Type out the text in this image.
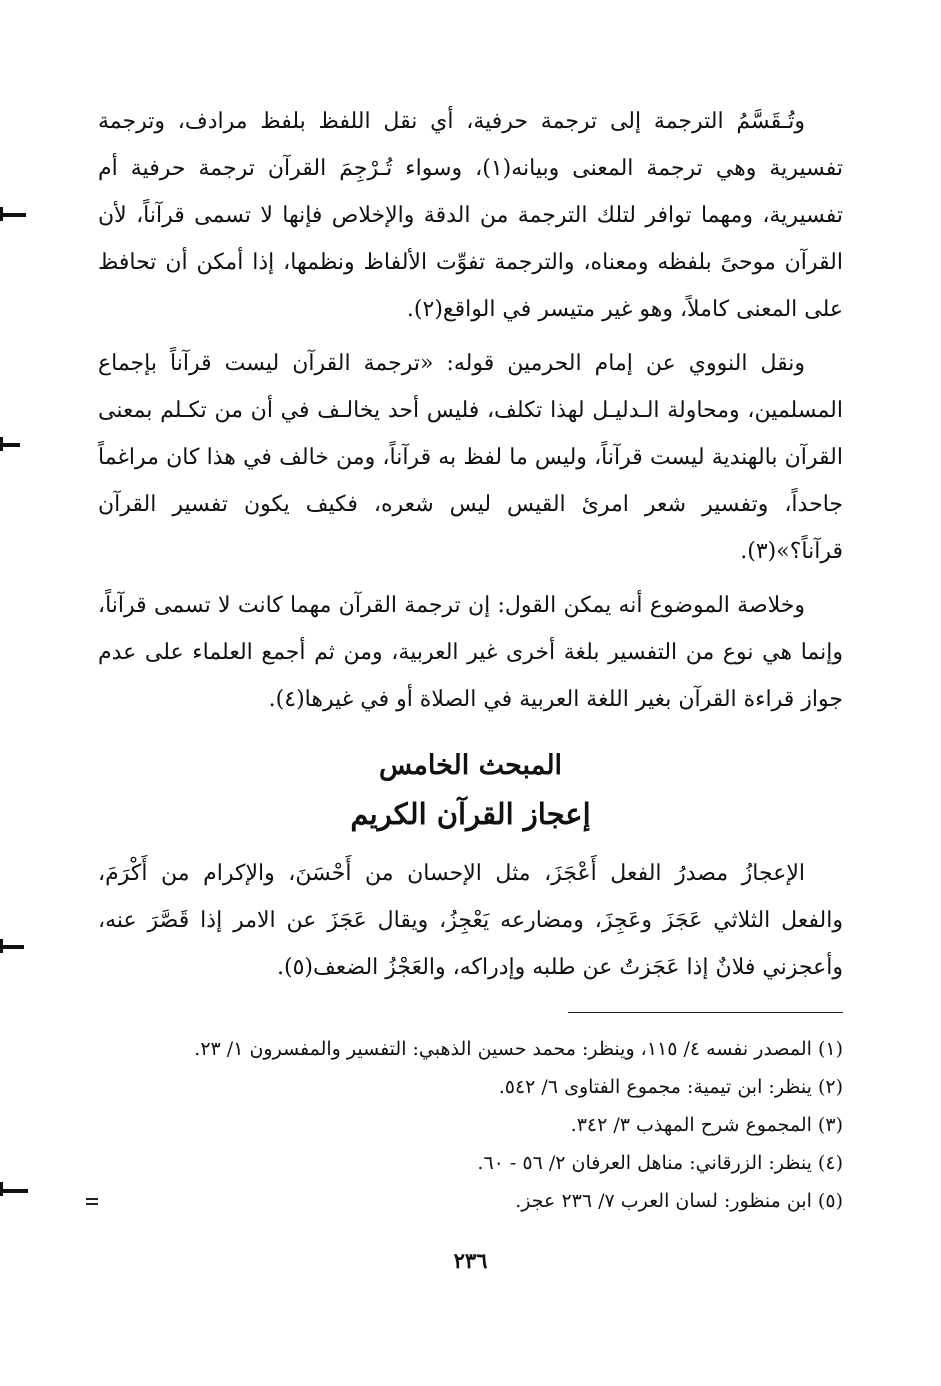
وتُـقَسَّمُ الترجمة إلى ترجمة حرفية، أي نقل اللفظ بلفظ مرادف، وترجمة تفسيرية وهي ترجمة المعنى وبيانه(١)، وسواء تُـرْجِمَ القرآن ترجمة حرفية أم تفسيرية، ومهما توافر لتلك الترجمة من الدقة والإخلاص فإنها لا تسمى قرآناً، لأن القرآن موحىً بلفظه ومعناه، والترجمة تفوِّت الألفاظ ونظمها، إذا أمكن أن تحافظ على المعنى كاملاً، وهو غير متيسر في الواقع(٢).

ونقل النووي عن إمام الحرمين قوله: «ترجمة القرآن ليست قرآناً بإجماع المسلمين، ومحاولة الـدليـل لهذا تكلف، فليس أحد يخالـف في أن من تكـلم بمعنى القرآن بالهندية ليست قرآناً، وليس ما لفظ به قرآناً، ومن خالف في هذا كان مراغماً جاحداً، وتفسير شعر امرئ القيس ليس شعره، فكيف يكون تفسير القرآن قرآناً؟»(٣).

وخلاصة الموضوع أنه يمكن القول: إن ترجمة القرآن مهما كانت لا تسمى قرآناً، وإنما هي نوع من التفسير بلغة أخرى غير العربية، ومن ثم أجمع العلماء على عدم جواز قراءة القرآن بغير اللغة العربية في الصلاة أو في غيرها(٤).

المبحث الخامس
إعجاز القرآن الكريم

الإعجازُ مصدرُ الفعل أَعْجَزَ، مثل الإحسان من أَحْسَنَ، والإكرام من أَكْرَمَ، والفعل الثلاثي عَجَزَ وعَجِزَ، ومضارعه يَعْجِزُ، ويقال عَجَزَ عن الامر إذا قَصَّرَ عنه، وأعجزني فلانٌ إذا عَجَزتُ عن طلبه وإدراكه، والعَجْزُ الضعف(٥).

(١) المصدر نفسه ٤/ ١١٥، وينظر: محمد حسين الذهبي: التفسير والمفسرون ١/ ٢٣.
(٢) ينظر: ابن تيمية: مجموع الفتاوى ٦/ ٥٤٢.
(٣) المجموع شرح المهذب ٣/ ٣٤٢.
(٤) ينظر: الزرقاني: مناهل العرفان ٢/ ٥٦ - ٦٠.
(٥) ابن منظور: لسان العرب ٧/ ٢٣٦ عجز.
٢٣٦
